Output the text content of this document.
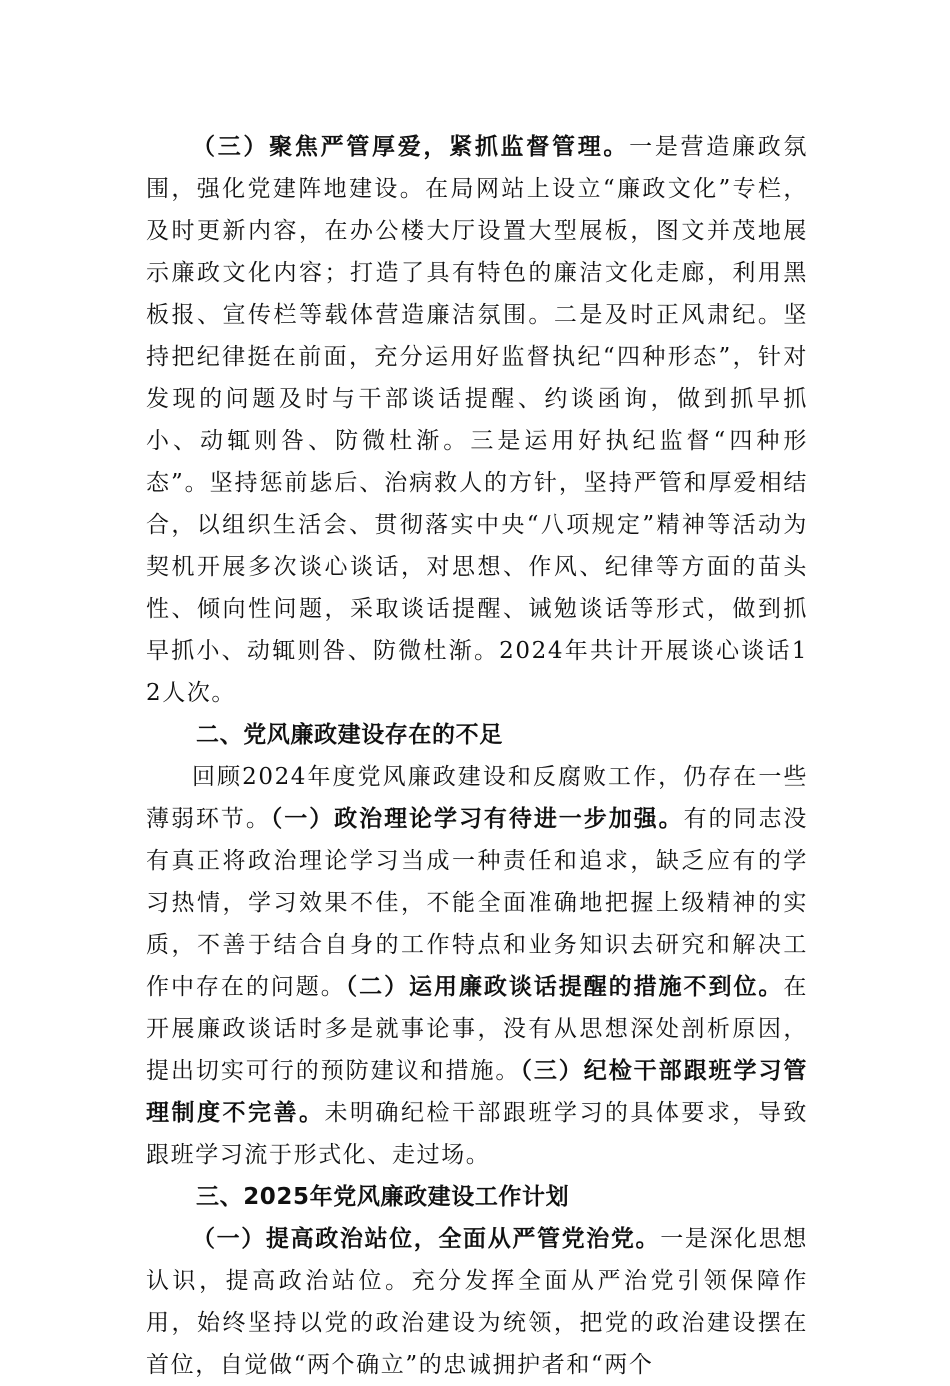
（三）聚焦严管厚爱，紧抓监督管理。一是营造廉政氛围，强化党建阵地建设。在局网站上设立“廉政文化”专栏，及时更新内容，在办公楼大厅设置大型展板，图文并茂地展示廉政文化内容；打造了具有特色的廉洁文化走廊，利用黑板报、宣传栏等载体营造廉洁氛围。二是及时正风肃纪。坚持把纪律挺在前面，充分运用好监督执纪“四种形态”，针对发现的问题及时与干部谈话提醒、约谈函询，做到抓早抓小、动辄则咎、防微杜渐。三是运用好执纪监督“四种形态”。坚持惩前毖后、治病救人的方针，坚持严管和厚爱相结合，以组织生活会、贯彻落实中央“八项规定”精神等活动为契机开展多次谈心谈话，对思想、作风、纪律等方面的苗头性、倾向性问题，采取谈话提醒、诫勉谈话等形式，做到抓早抓小、动辄则咎、防微杜渐。2024年共计开展谈心谈话12人次。

二、党风廉政建设存在的不足

回顾2024年度党风廉政建设和反腐败工作，仍存在一些薄弱环节。（一）政治理论学习有待进一步加强。有的同志没有真正将政治理论学习当成一种责任和追求，缺乏应有的学习热情，学习效果不佳，不能全面准确地把握上级精神的实质，不善于结合自身的工作特点和业务知识去研究和解决工作中存在的问题。（二）运用廉政谈话提醒的措施不到位。在开展廉政谈话时多是就事论事，没有从思想深处剖析原因，提出切实可行的预防建议和措施。（三）纪检干部跟班学习管理制度不完善。未明确纪检干部跟班学习的具体要求，导致跟班学习流于形式化、走过场。

三、2025年党风廉政建设工作计划

（一）提高政治站位，全面从严管党治党。一是深化思想认识，提高政治站位。充分发挥全面从严治党引领保障作用，始终坚持以党的政治建设为统领，把党的政治建设摆在首位，自觉做“两个确立”的忠诚拥护者和“两个
